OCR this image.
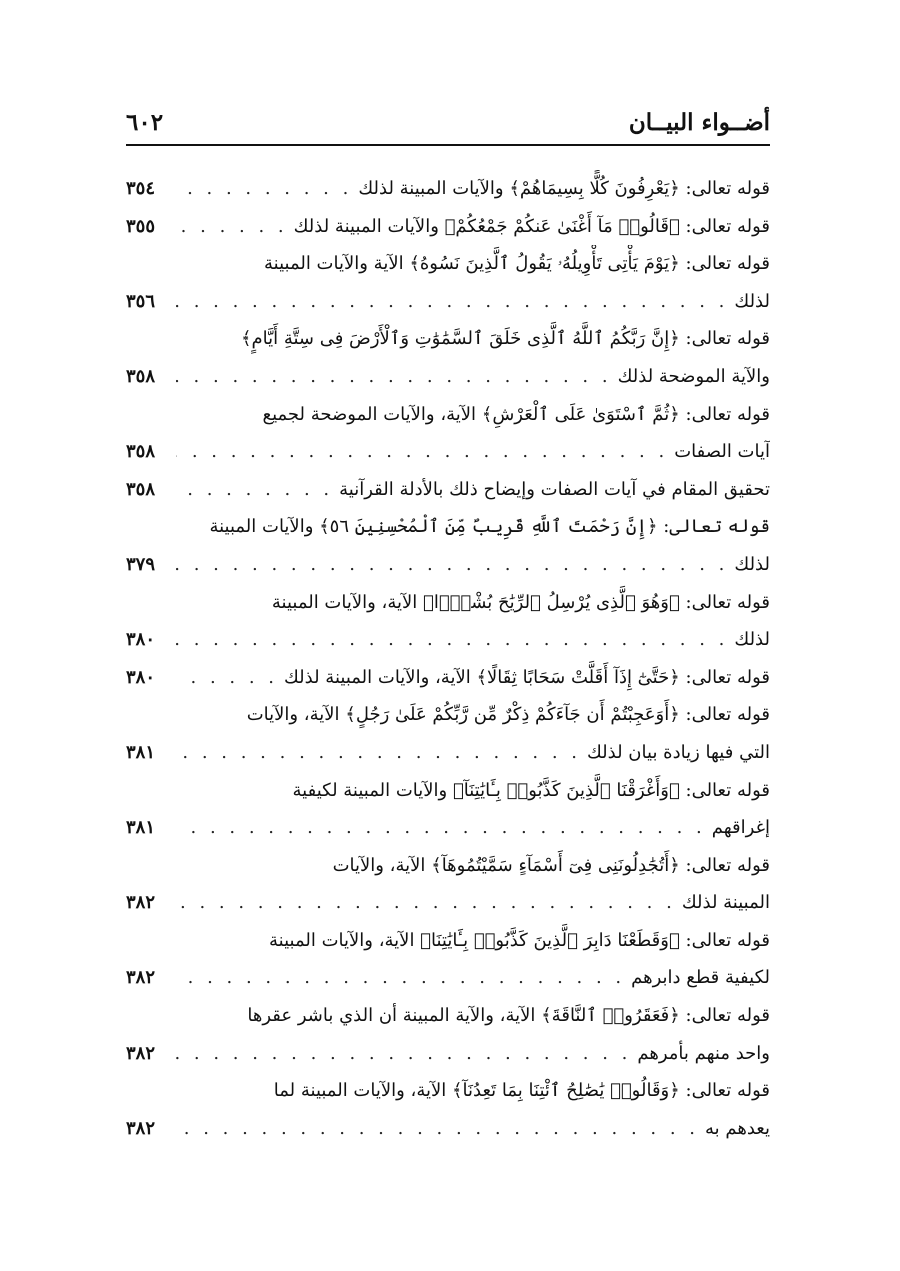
أضــواء البيــان
٦٠٢
قوله تعالى: ﴿يَعْرِفُونَ كُلًّا بِسِيمَاهُمْ﴾ والآيات المبينة لذلك
. . .
٣٥٤
قوله تعالى: ﴿قَالُوا۟ مَآ أَغْنَىٰ عَنكُمْ جَمْعُكُمْ﴾ والآيات المبينة لذلك
. . .
٣٥٥
قوله تعالى: ﴿يَوْمَ يَأْتِى تَأْوِيلُهُۥ يَقُولُ ٱلَّذِينَ نَسُوهُ﴾ الآية والآيات المبينة
لذلك
. . .
٣٥٦
قوله تعالى: ﴿إِنَّ رَبَّكُمُ ٱللَّهُ ٱلَّذِى خَلَقَ ٱلسَّمَٰوَٰتِ وَٱلْأَرْضَ فِى سِتَّةِ أَيَّامٍ﴾
والآية الموضحة لذلك
. . .
٣٥٨
قوله تعالى: ﴿ثُمَّ ٱسْتَوَىٰ عَلَى ٱلْعَرْشِ﴾ الآية، والآيات الموضحة لجميع
آيات الصفات
. . .
٣٥٨
تحقيق المقام في آيات الصفات وإيضاح ذلك بالأدلة القرآنية
. . .
٣٥٨
قوله تعالى: ﴿إِنَّ رَحْمَتَ ٱللَّهِ قَرِيبٌ مِّنَ ٱلْمُحْسِنِينَ ٥٦﴾ والآيات المبينة
لذلك
. . .
٣٧٩
قوله تعالى: ﴿وَهُوَ ٱلَّذِى يُرْسِلُ ٱلرِّيَٰحَ بُشْرًۢا﴾ الآية، والآيات المبينة
لذلك
. . .
٣٨٠
قوله تعالى: ﴿حَتَّىٰٓ إِذَآ أَقَلَّتْ سَحَابًا ثِقَالًا﴾ الآية، والآيات المبينة لذلك
. . .
٣٨٠
قوله تعالى: ﴿أَوَعَجِبْتُمْ أَن جَآءَكُمْ ذِكْرٌ مِّن رَّبِّكُمْ عَلَىٰ رَجُلٍ﴾ الآية، والآيات
التي فيها زيادة بيان لذلك
. . .
٣٨١
قوله تعالى: ﴿وَأَغْرَقْنَا ٱلَّذِينَ كَذَّبُوا۟ بِـَٔايَٰتِنَآ﴾ والآيات المبينة لكيفية
إغراقهم
. . .
٣٨١
قوله تعالى: ﴿أَتُجَٰدِلُونَنِى فِىٓ أَسْمَآءٍ سَمَّيْتُمُوهَآ﴾ الآية، والآيات
المبينة لذلك
. . .
٣٨٢
قوله تعالى: ﴿وَقَطَعْنَا دَابِرَ ٱلَّذِينَ كَذَّبُوا۟ بِـَٔايَٰتِنَا﴾ الآية، والآيات المبينة
لكيفية قطع دابرهم
. . .
٣٨٢
قوله تعالى: ﴿فَعَقَرُوا۟ ٱلنَّاقَةَ﴾ الآية، والآية المبينة أن الذي باشر عقرها
واحد منهم بأمرهم
. . .
٣٨٢
قوله تعالى: ﴿وَقَالُوا۟ يَٰصَٰلِحُ ٱئْتِنَا بِمَا تَعِدُنَآ﴾ الآية، والآيات المبينة لما
يعدهم به
. . .
٣٨٢
